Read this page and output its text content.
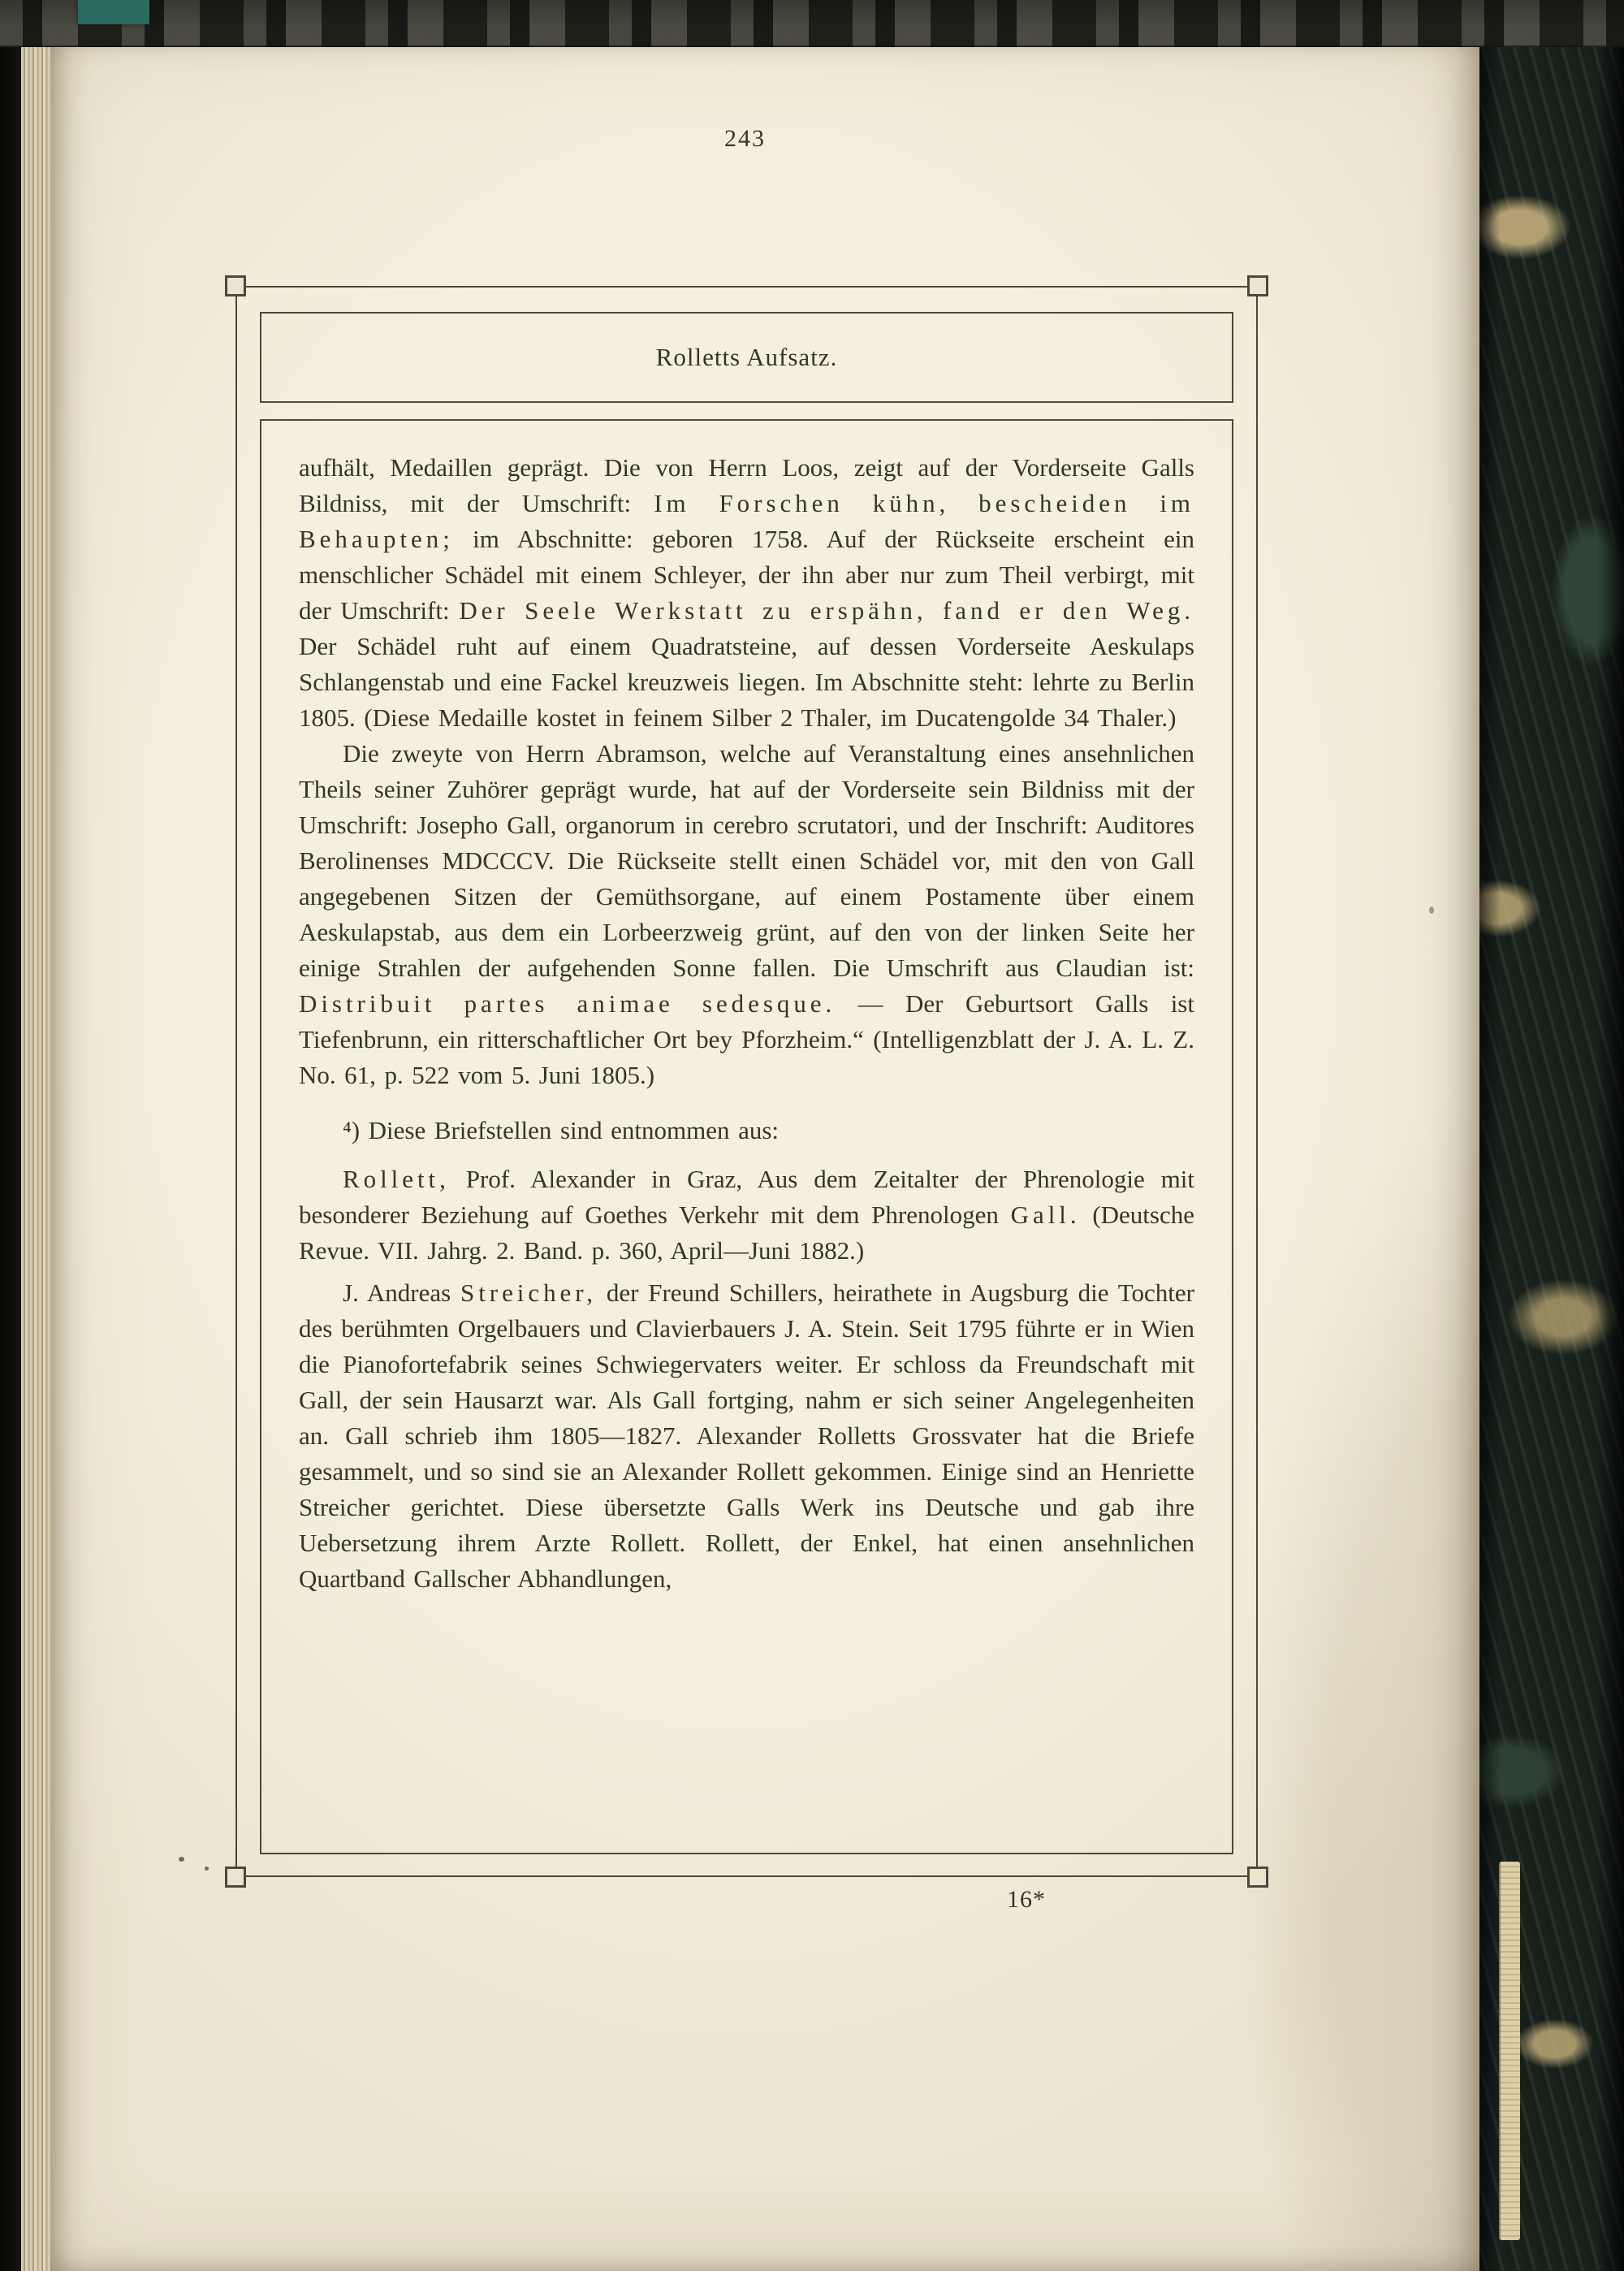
243
Rolletts Aufsatz.

aufhält, Medaillen geprägt. Die von Herrn Loos, zeigt auf der Vorderseite Galls Bildniss, mit der Umschrift: Im Forschen kühn, bescheiden im Behaupten; im Abschnitte: geboren 1758. Auf der Rückseite erscheint ein menschlicher Schädel mit einem Schleyer, der ihn aber nur zum Theil verbirgt, mit der Umschrift: Der Seele Werkstatt zu erspähn, fand er den Weg. Der Schädel ruht auf einem Quadratsteine, auf dessen Vorderseite Aeskulaps Schlangenstab und eine Fackel kreuzweis liegen. Im Abschnitte steht: lehrte zu Berlin 1805. (Diese Medaille kostet in feinem Silber 2 Thaler, im Ducatengolde 34 Thaler.)

Die zweyte von Herrn Abramson, welche auf Veranstaltung eines ansehnlichen Theils seiner Zuhörer geprägt wurde, hat auf der Vorderseite sein Bildniss mit der Umschrift: Josepho Gall, organorum in cerebro scrutatori, und der Inschrift: Auditores Berolinenses MDCCCV. Die Rückseite stellt einen Schädel vor, mit den von Gall angegebenen Sitzen der Gemüthsorgane, auf einem Postamente über einem Aeskulapstab, aus dem ein Lorbeerzweig grünt, auf den von der linken Seite her einige Strahlen der aufgehenden Sonne fallen. Die Umschrift aus Claudian ist: Distribuit partes animae sedesque. — Der Geburtsort Galls ist Tiefenbrunn, ein ritterschaftlicher Ort bey Pforzheim.“ (Intelligenzblatt der J. A. L. Z. No. 61, p. 522 vom 5. Juni 1805.)

⁴) Diese Briefstellen sind entnommen aus:

Rollett, Prof. Alexander in Graz, Aus dem Zeitalter der Phrenologie mit besonderer Beziehung auf Goethes Verkehr mit dem Phrenologen Gall. (Deutsche Revue. VII. Jahrg. 2. Band. p. 360, April—Juni 1882.)

J. Andreas Streicher, der Freund Schillers, heirathete in Augsburg die Tochter des berühmten Orgelbauers und Clavierbauers J. A. Stein. Seit 1795 führte er in Wien die Pianofortefabrik seines Schwiegervaters weiter. Er schloss da Freundschaft mit Gall, der sein Hausarzt war. Als Gall fortging, nahm er sich seiner Angelegenheiten an. Gall schrieb ihm 1805—1827. Alexander Rolletts Grossvater hat die Briefe gesammelt, und so sind sie an Alexander Rollett gekommen. Einige sind an Henriette Streicher gerichtet. Diese übersetzte Galls Werk ins Deutsche und gab ihre Uebersetzung ihrem Arzte Rollett. Rollett, der Enkel, hat einen ansehnlichen Quartband Gallscher Abhandlungen,

16*
